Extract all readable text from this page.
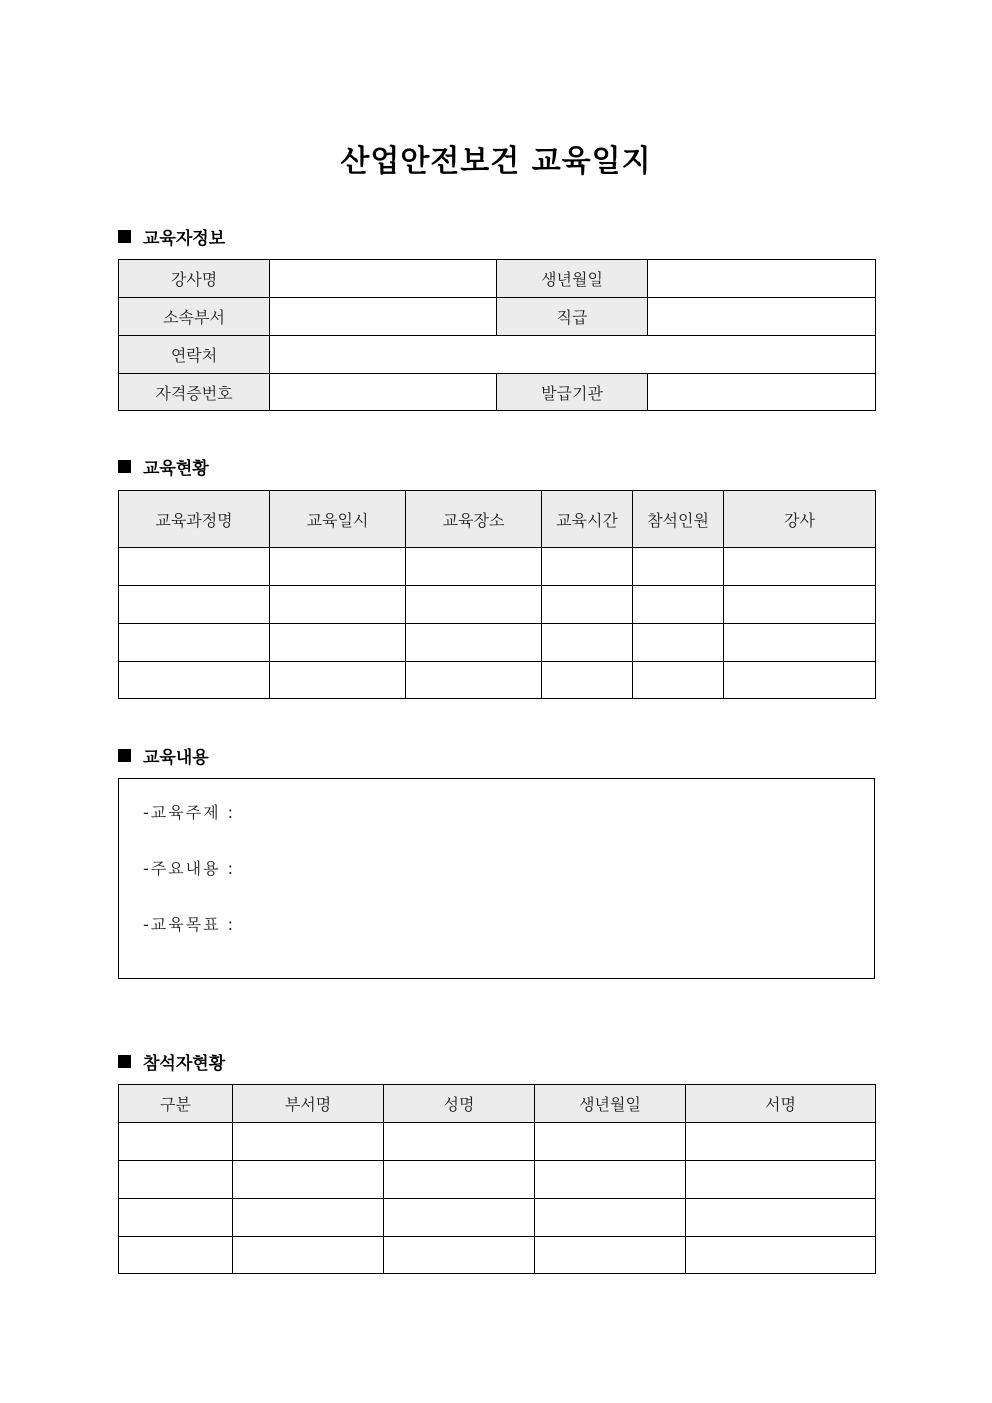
산업안전보건 교육일지
교육자정보
강사명		생년월일	
소속부서		직급	
연락처			
자격증번호		발급기관	
교육현황
교육과정명	교육일시	교육장소	교육시간	참석인원	강사

교육내용
-교육주제 :
-주요내용 :
-교육목표 :
참석자현황
구분	부서명	성명	생년월일	서명
